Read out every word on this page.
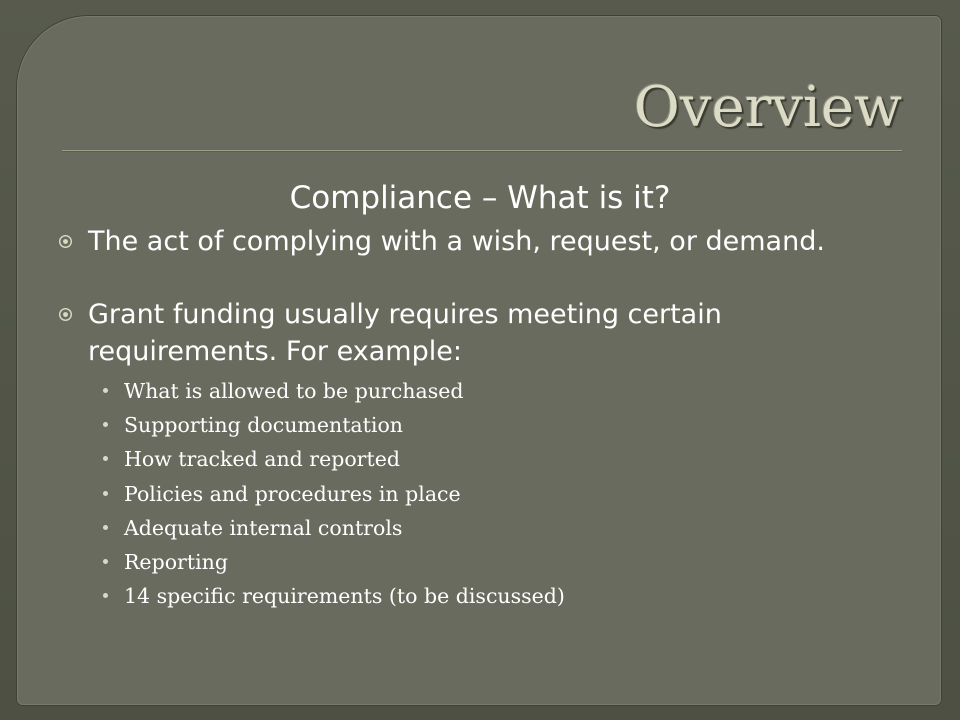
Overview
Compliance – What is it?
The act of complying with a wish, request, or demand.
Grant funding usually requires meeting certain requirements. For example:
What is allowed to be purchased
Supporting documentation
How tracked and reported
Policies and procedures in place
Adequate internal controls
Reporting
14 specific requirements (to be discussed)
